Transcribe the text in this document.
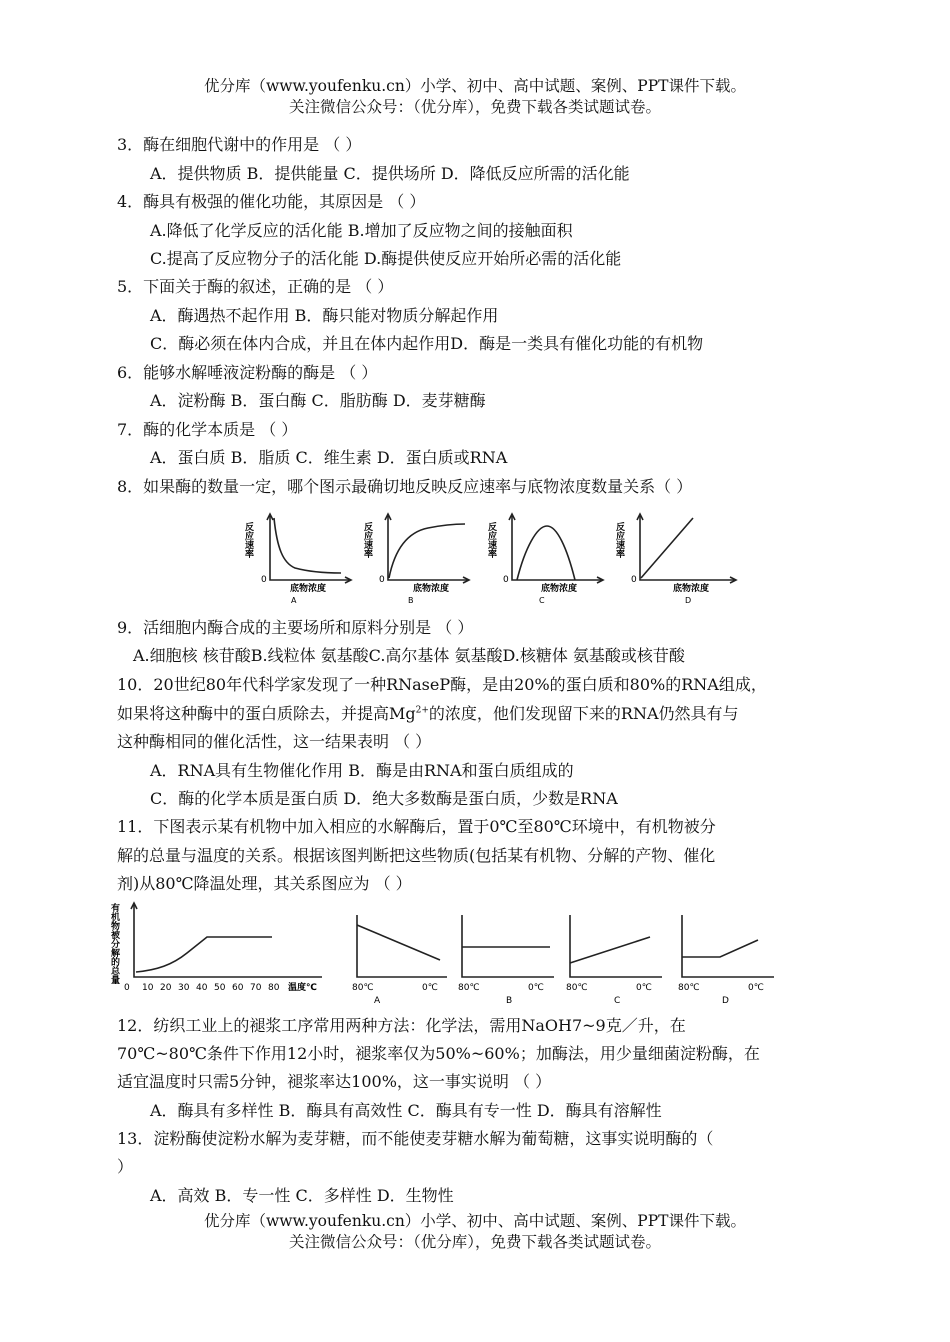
优分库（www.youfenku.cn）小学、初中、高中试题、案例、PPT课件下载。
关注微信公众号：（优分库），免费下载各类试题试卷。
3．酶在细胞代谢中的作用是 （ ）
A．提供物质 B．提供能量 C．提供场所 D．降低反应所需的活化能
4．酶具有极强的催化功能，其原因是 （ ）
A.降低了化学反应的活化能 B.增加了反应物之间的接触面积
C.提高了反应物分子的活化能 D.酶提供使反应开始所必需的活化能
5．下面关于酶的叙述，正确的是 （ ）
A．酶遇热不起作用 B．酶只能对物质分解起作用
C．酶必须在体内合成，并且在体内起作用D．酶是一类具有催化功能的有机物
6．能够水解唾液淀粉酶的酶是 （ ）
A．淀粉酶 B．蛋白酶 C．脂肪酶 D．麦芽糖酶
7．酶的化学本质是 （ ）
A．蛋白质 B．脂质 C．维生素 D．蛋白质或RNA
8．如果酶的数量一定，哪个图示最确切地反映反应速率与底物浓度数量关系（ ）
反应速率
0
底物浓度
A
反应速率
0
底物浓度
B
反应速率
0
底物浓度
C
反应速率
0
底物浓度
D
9．活细胞内酶合成的主要场所和原料分别是 （ ）
A.细胞核 核苷酸B.线粒体 氨基酸C.高尔基体 氨基酸D.核糖体 氨基酸或核苷酸
10．20世纪80年代科学家发现了一种RNaseP酶，是由20%的蛋白质和80%的RNA组成，
如果将这种酶中的蛋白质除去，并提高$Mg^{2+}$的浓度，他们发现留下来的RNA仍然具有与
这种酶相同的催化活性，这一结果表明 （ ）
A．RNA具有生物催化作用 B．酶是由RNA和蛋白质组成的
C．酶的化学本质是蛋白质 D．绝大多数酶是蛋白质，少数是RNA
11．下图表示某有机物中加入相应的水解酶后，置于0℃至80℃环境中，有机物被分
解的总量与温度的关系。根据该图判断把这些物质(包括某有机物、分解的产物、催化
剂)从80℃降温处理，其关系图应为 （ ）
有机物被分解的总量
0 10 20 30 40 50 60 70 80 温度℃	80℃	0℃
A
80℃	0℃
B
80℃	0℃
C
80℃	0℃
D
12．纺织工业上的褪浆工序常用两种方法：化学法，需用NaOH7~9克／升，在
70℃~80℃条件下作用12小时，褪浆率仅为50%~60%；加酶法，用少量细菌淀粉酶，在
适宜温度时只需5分钟，褪浆率达100%，这一事实说明 （ ）
A．酶具有多样性 B．酶具有高效性 C．酶具有专一性 D．酶具有溶解性
13．淀粉酶使淀粉水解为麦芽糖，而不能使麦芽糖水解为葡萄糖，这事实说明酶的（
）
A．高效 B．专一性 C．多样性 D．生物性
优分库（www.youfenku.cn）小学、初中、高中试题、案例、PPT课件下载。
关注微信公众号：（优分库），免费下载各类试题试卷。
